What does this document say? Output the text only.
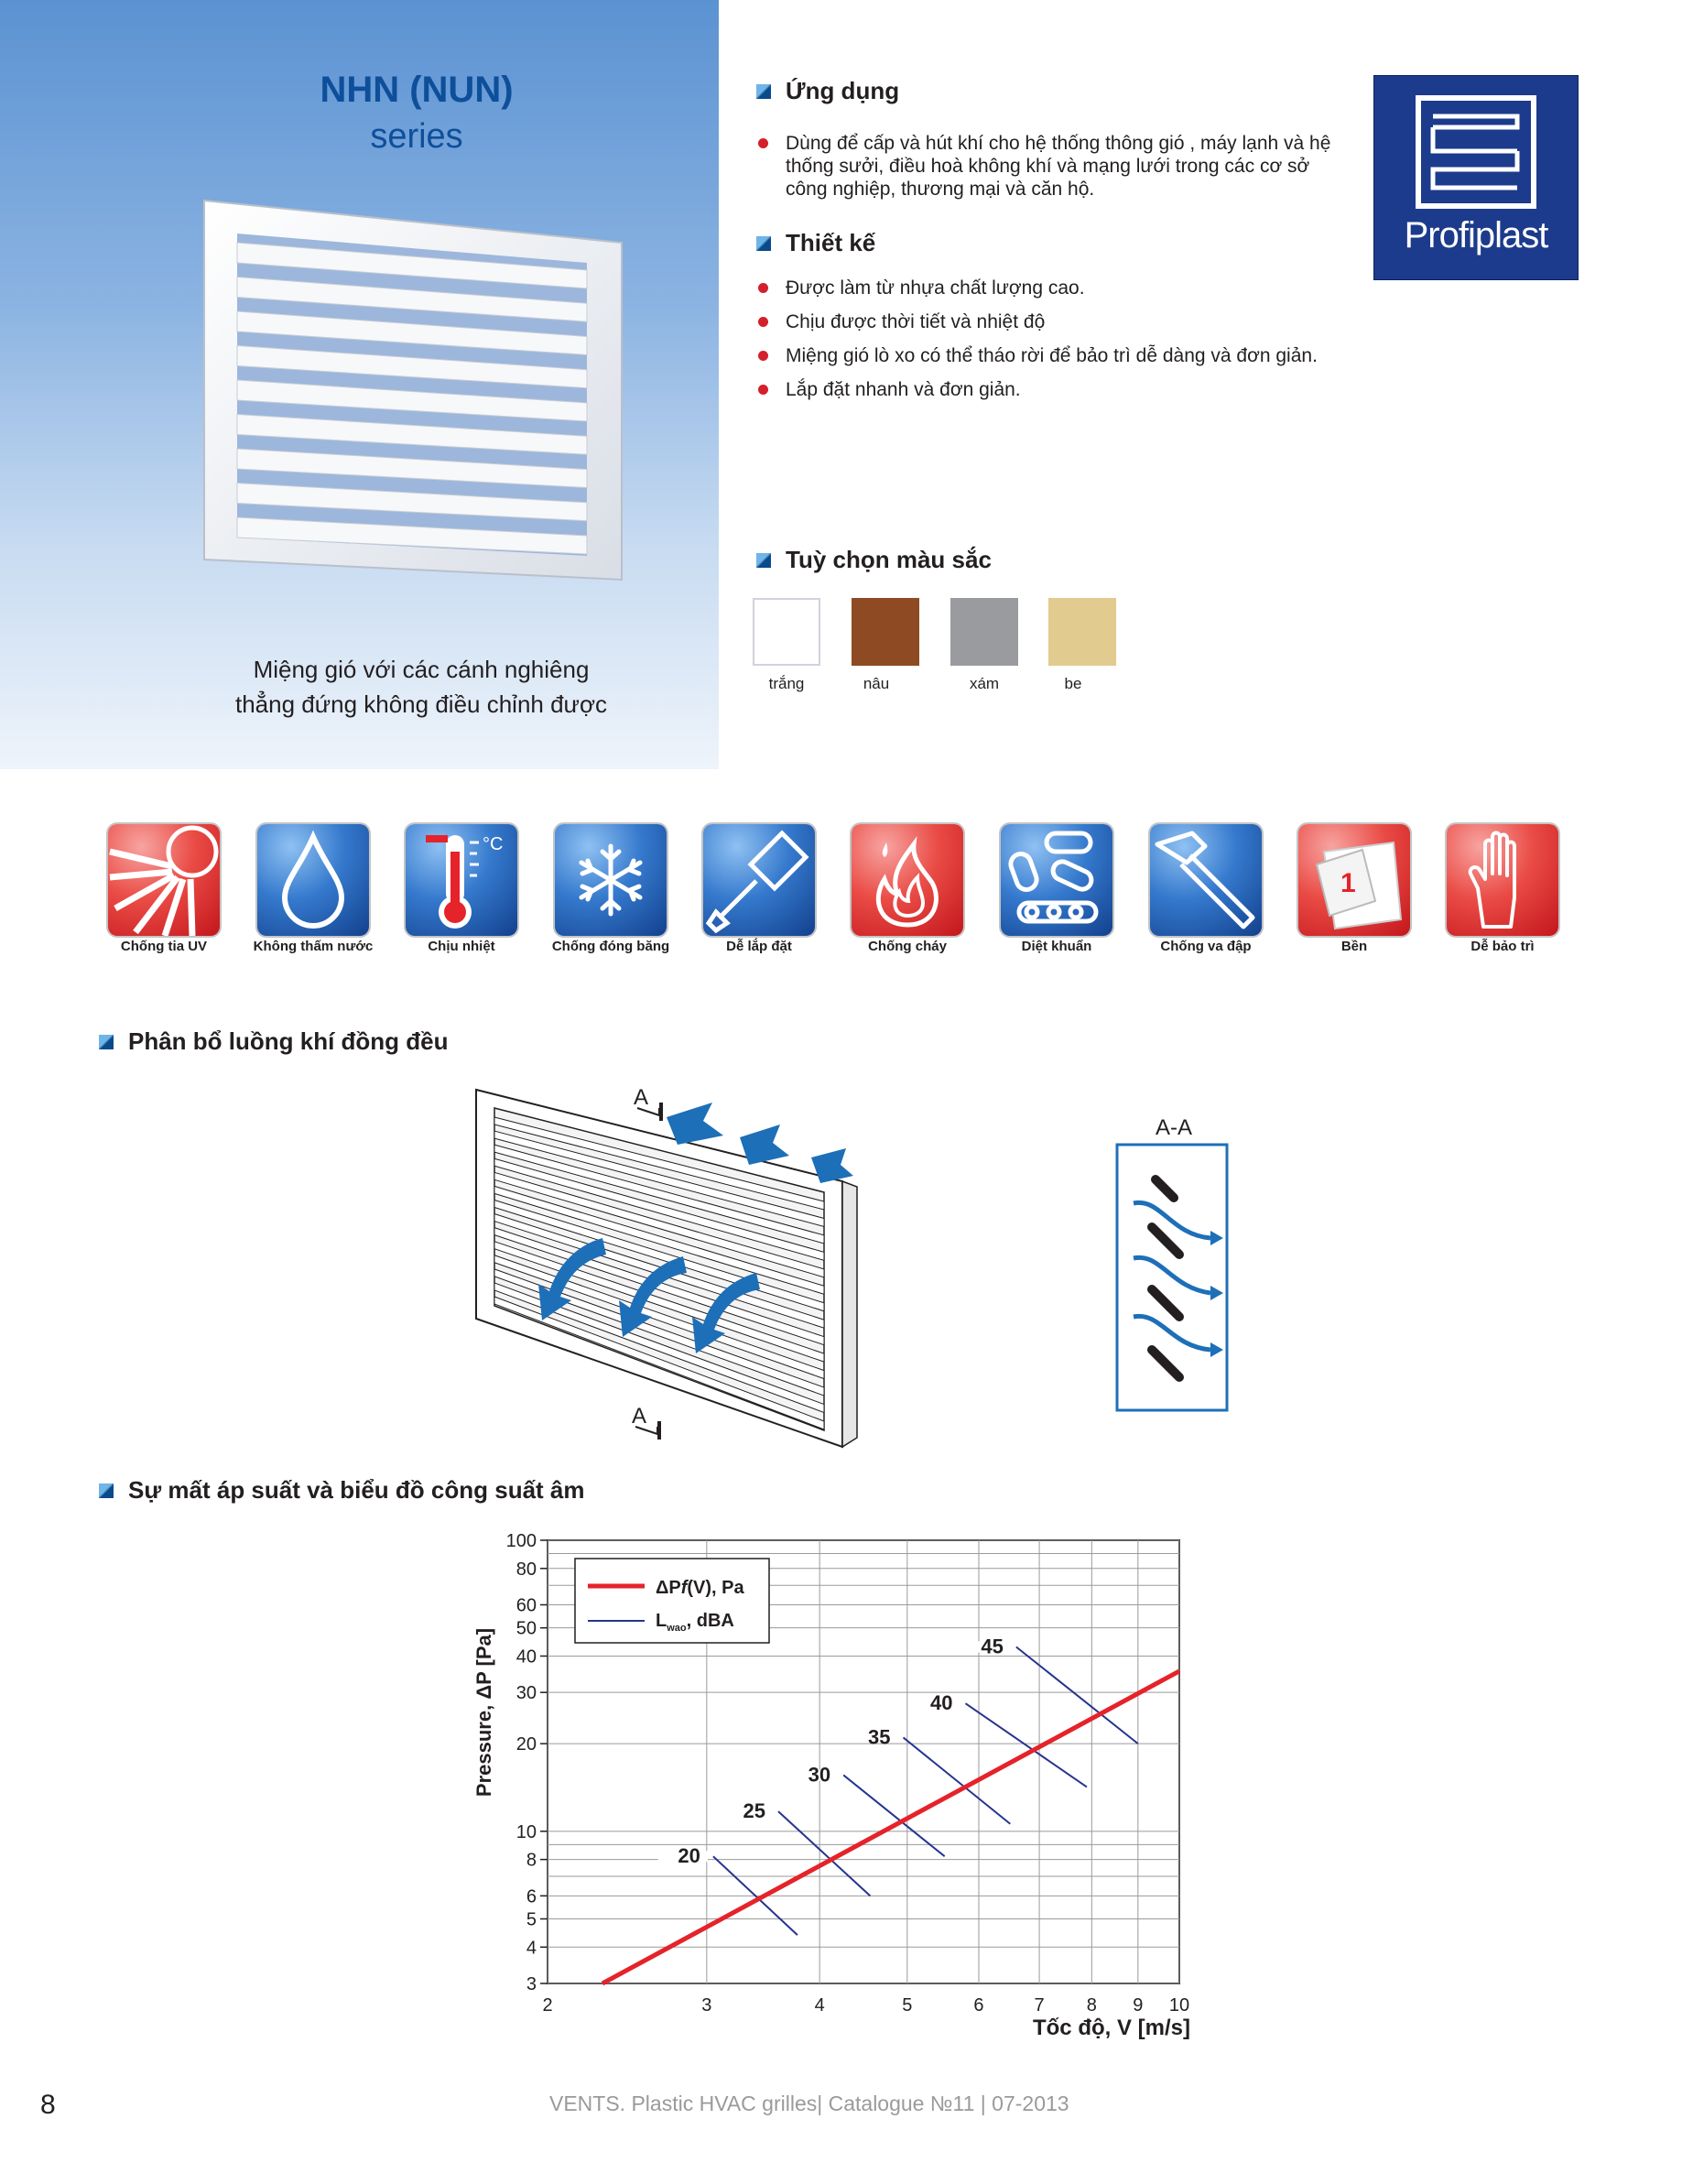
NHN (NUN)
series
Miệng gió với các cánh nghiêng
thẳng đứng không điều chỉnh được
Ứng dụng
Dùng để cấp và hút khí cho hệ thống thông gió , máy lạnh và hệ thống sưởi, điều hoà không khí và mạng lưới trong các cơ sở công nghiệp, thương mại và căn hộ.
Thiết kế
Được làm từ nhựa chất lượng cao.
Chịu được thời tiết và nhiệt độ
Miệng gió lò xo có thể tháo rời để bảo trì dễ dàng và đơn giản.
Lắp đặt nhanh và đơn giản.
Profiplast
Tuỳ chọn màu sắc
trắng	nâu	xám	be
Chống tia UV	Không thấm nước
°C
Chịu nhiệt	Chống đóng băng	Dễ lắp đặt	Chống cháy	Diệt khuẩn	Chống va đập
1
Bền	Dễ bảo trì
Phân bổ luồng khí đồng đều
A
A
A-A
Sự mất áp suất và biểu đồ công suất âm
2	3	4	5	6	7 8 9 10
3
4
5
6
8
10
20
30
40
50
60
80
100
20
25
30
35
40
45
ΔPf(V), Pa
$L_{wao}$, dBA
Pressure, ΔP [Pa]
Tốc độ, V [m/s]
8	VENTS. Plastic HVAC grilles| Catalogue №11 | 07-2013
